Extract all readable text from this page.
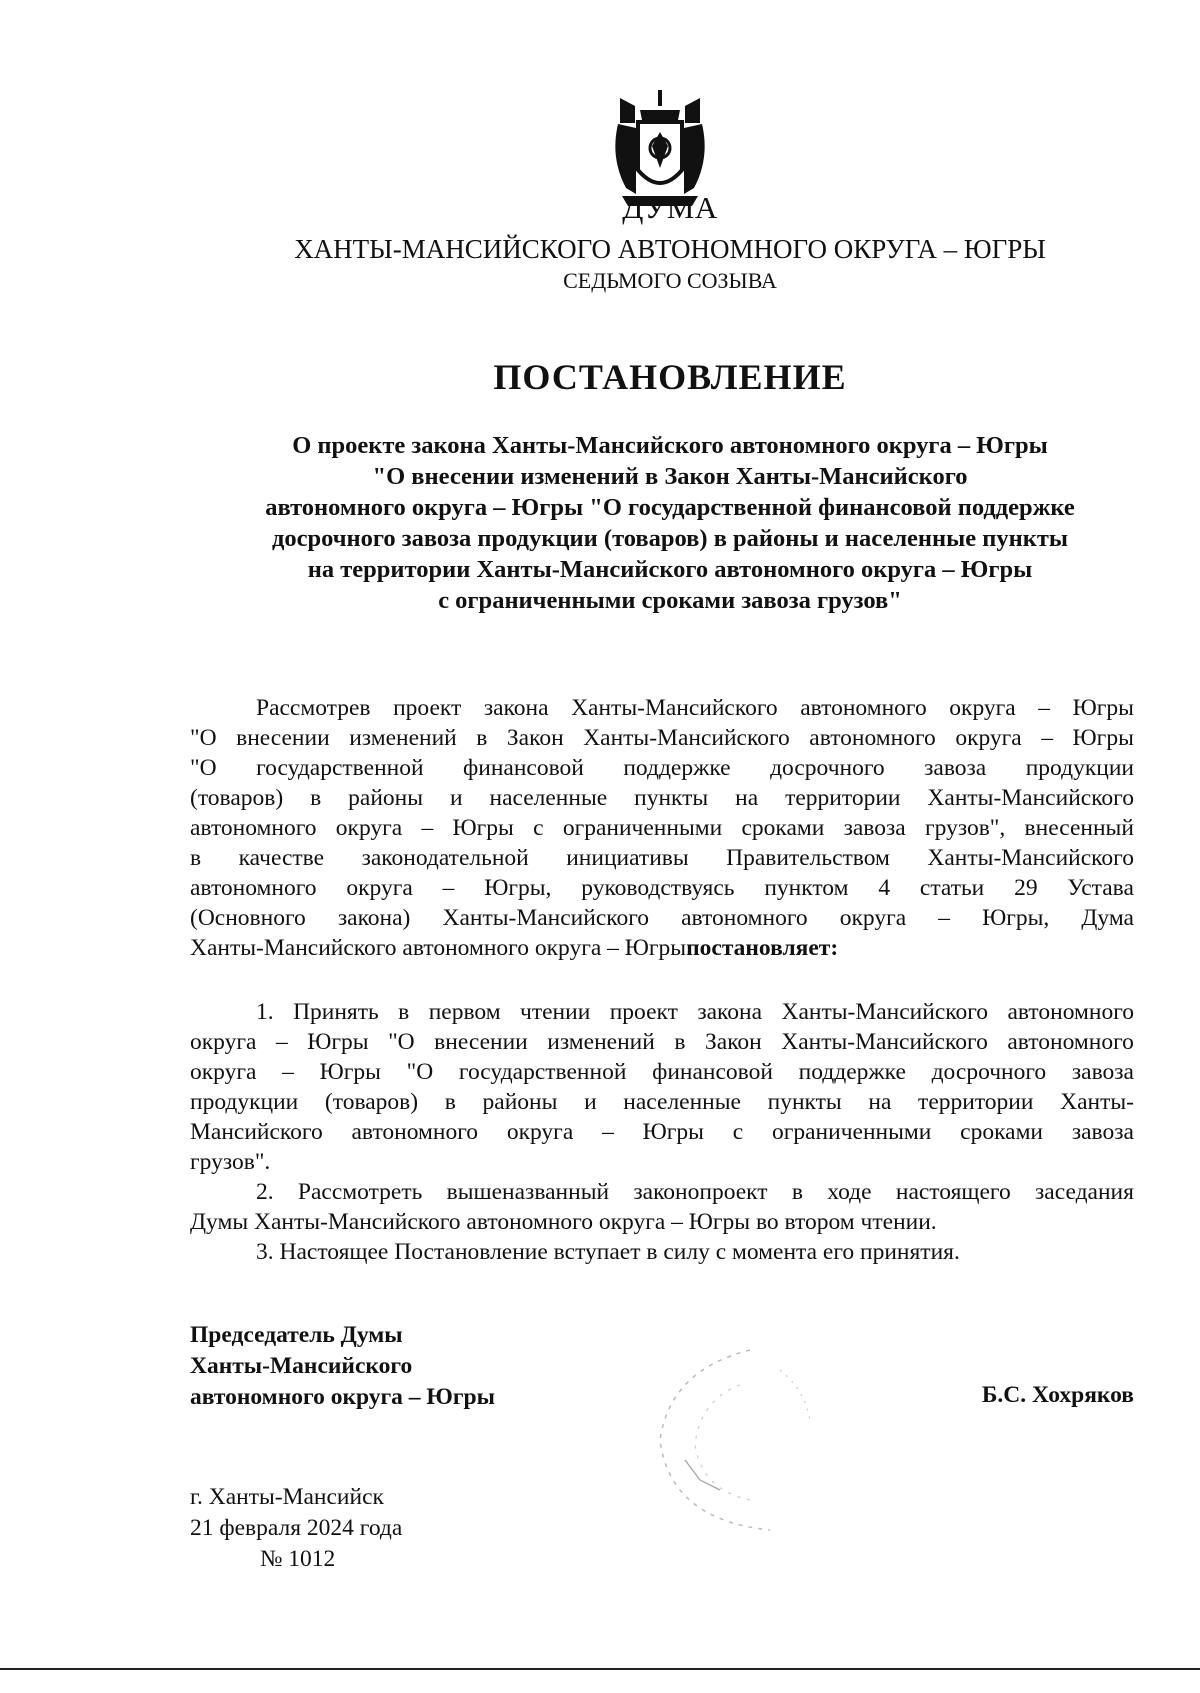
ДУМА
ХАНТЫ-МАНСИЙСКОГО АВТОНОМНОГО ОКРУГА – ЮГРЫ
СЕДЬМОГО СОЗЫВА
ПОСТАНОВЛЕНИЕ
О проекте закона Ханты-Мансийского автономного округа – Югры
"О внесении изменений в Закон Ханты-Мансийского
автономного округа – Югры "О государственной финансовой поддержке
досрочного завоза продукции (товаров) в районы и населенные пункты
на территории Ханты-Мансийского автономного округа – Югры
с ограниченными сроками завоза грузов"
Рассмотрев проект закона Ханты-Мансийского автономного округа – Югры
"О внесении изменений в Закон Ханты-Мансийского автономного округа – Югры
"О государственной финансовой поддержке досрочного завоза продукции
(товаров) в районы и населенные пункты на территории Ханты-Мансийского
автономного округа – Югры с ограниченными сроками завоза грузов", внесенный
в качестве законодательной инициативы Правительством Ханты-Мансийского
автономного округа – Югры, руководствуясь пунктом 4 статьи 29 Устава
(Основного закона) Ханты-Мансийского автономного округа – Югры, Дума
Ханты-Мансийского автономного округа – Югры постановляет:
1. Принять в первом чтении проект закона Ханты-Мансийского автономного
округа – Югры "О внесении изменений в Закон Ханты-Мансийского автономного
округа – Югры "О государственной финансовой поддержке досрочного завоза
продукции (товаров) в районы и населенные пункты на территории Ханты-
Мансийского автономного округа – Югры с ограниченными сроками завоза
грузов".
2. Рассмотреть вышеназванный законопроект в ходе настоящего заседания
Думы Ханты-Мансийского автономного округа – Югры во втором чтении.
3. Настоящее Постановление вступает в силу с момента его принятия.
Председатель Думы
Ханты-Мансийского
автономного округа – Югры	Б.С. Хохряков
г. Ханты-Мансийск
21 февраля 2024 года
№ 1012
